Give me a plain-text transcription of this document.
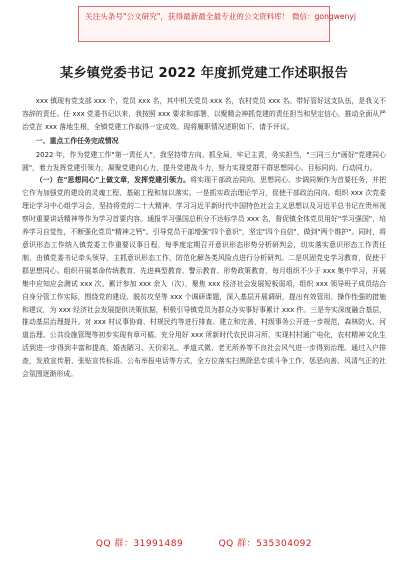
关注头条号"公文研究"，获得最新最全最专业的公文资料库！ 微信：gongwenyj
某乡镇党委书记 2022 年度抓党建工作述职报告

xxx 镇现有党支部 xxx 个，党员 xxx 名，其中机关党员 xxx 名，农村党员 xxx 名。带好管好这支队伍，是我义不容辞的责任。任 xxx 党委书记以来，我按照 xxx 要求和部署，以聚精会神抓党建的责任担当和坚定信心，推动全面从严治党在 xxx 落地生根，全镇党建工作取得一定成效。现将履职情况述职如下，请予评议。

一、重点工作任务完成情况

2022 年，作为党建工作"第一责任人"，我坚持带方向、抓全局，牢记主责，务实担当，"三同三力"画好"党建同心圆"，着力发挥党建引领力，凝聚党建向心力，提升党建战斗力，努力实现党群干群思想同心、目标同向、行动同力。

（一）在"思想同心"上做文章，发挥党建引领力。将实现干部政治同向、思想同心、步调同频作为首要任务，并把它作为加强党的建设的灵魂工程、基础工程和加以落实。一是抓实政治理论学习，促使干部政治同向。组织 xxx 次党委理论学习中心组学习会，坚持将党的二十大精神、学习习近平新时代中国特色社会主义思想以及习近平总书记在贵州视察时重要讲话精神等作为学习首要内容。通报学习强国总积分不达标学员 xxx 名，督促镇全体党员用好"学习强国"，培养学习自觉性，不断强化党员"精神之钙"。引导党员干部增强"四个意识"，坚定"四个自信"，做到"两个维护"。同时，将意识形态工作纳入镇党委工作重要议事日程，每季度定期召开意识形态形势分析研判会，切实落实意识形态工作责任制，由镇党委书记牵头领导，主抓意识形态工作，防范化解各类风险点进行分析研判。二是巩固党史学习教育，促使干群思想同心。组织开展革命传统教育、先进典型教育、警示教育、形势政策教育，每月组织不少于 xxx 集中学习，开展集中应知应会测试 xxx 次。累计参加 xxx 余人（次），聚焦 xxx 经济社会发展短板弱项，组织 xxx 领导班子成员结合自身分管工作实际，围绕党的建设、脱贫攻坚等 xxx 个调研课题，深入基层开展调研，提出有效管用、操作性强的措施和建议，为 xxx 经济社会发展提供决策依据，积极引导镇党员为群众办实事好事累计 xxx 件。三是夯实深度融合基层，推动基层治理提升。对 xxx 村议事协商、村规民约等进行排查、建立和完善，村级事务公开进一步规范，森林防火、河道治理、公共设施管理等初步实现有章可循。充分用好 xxx 所新时代农民讲习所，实现村村通广电化，农村精神文化生活到进一步得到丰富和提高，婚丧陋习、天价彩礼、孝道式微、老无所养等不良社会风气进一步得到治理。通过入户排查，发放宣传册、张贴宣传标语、公布举报电话等方式，全方位落实扫黑除恶专项斗争工作，惩恶向善、风清气正的社会氛围逐渐形成。

QQ 群：31991489	QQ 群：535304092
